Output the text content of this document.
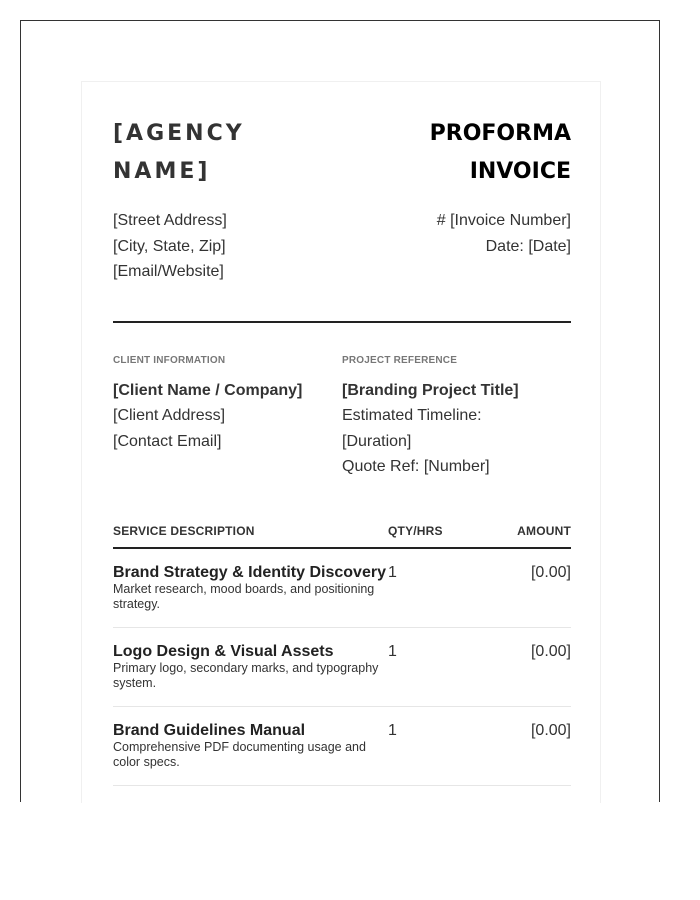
[AGENCY
NAME]
PROFORMA
INVOICE
[Street Address]
[City, State, Zip]
[Email/Website]
# [Invoice Number]
Date: [Date]
CLIENT INFORMATION
[Client Name / Company]
[Client Address]
[Contact Email]
PROJECT REFERENCE
[Branding Project Title]
Estimated Timeline:
[Duration]
Quote Ref: [Number]
SERVICE DESCRIPTION	QTY/HRS	AMOUNT
Brand Strategy & Identity Discovery
Market research, mood boards, and positioning strategy.
1	[0.00]
Logo Design & Visual Assets
Primary logo, secondary marks, and typography system.
1	[0.00]
Brand Guidelines Manual
Comprehensive PDF documenting usage and color specs.
1	[0.00]
